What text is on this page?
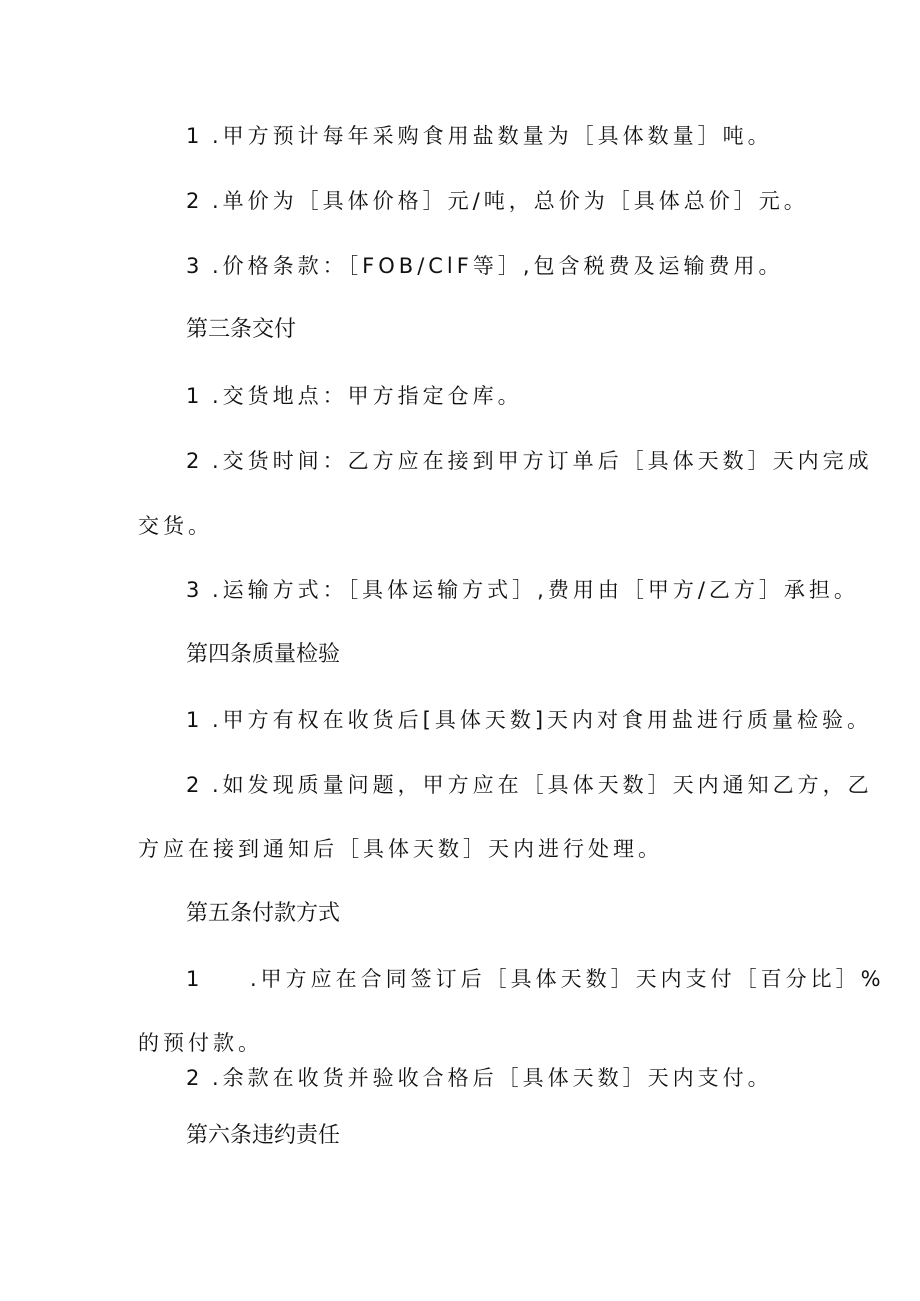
1 .甲方预计每年采购食用盐数量为［具体数量］吨。
2 .单价为［具体价格］元/吨，总价为［具体总价］元。
3 .价格条款：［FOB/ClF等］,包含税费及运输费用。
第三条交付
1 .交货地点：甲方指定仓库。
2 .交货时间：乙方应在接到甲方订单后［具体天数］天内完成
交货。
3 .运输方式：［具体运输方式］,费用由［甲方/乙方］承担。
第四条质量检验
1 .甲方有权在收货后[具体天数]天内对食用盐进行质量检验。
2 .如发现质量问题，甲方应在［具体天数］天内通知乙方，乙
方应在接到通知后［具体天数］天内进行处理。
第五条付款方式
1 .甲方应在合同签订后［具体天数］天内支付［百分比］%
的预付款。
2 .余款在收货并验收合格后［具体天数］天内支付。
第六条违约责任
